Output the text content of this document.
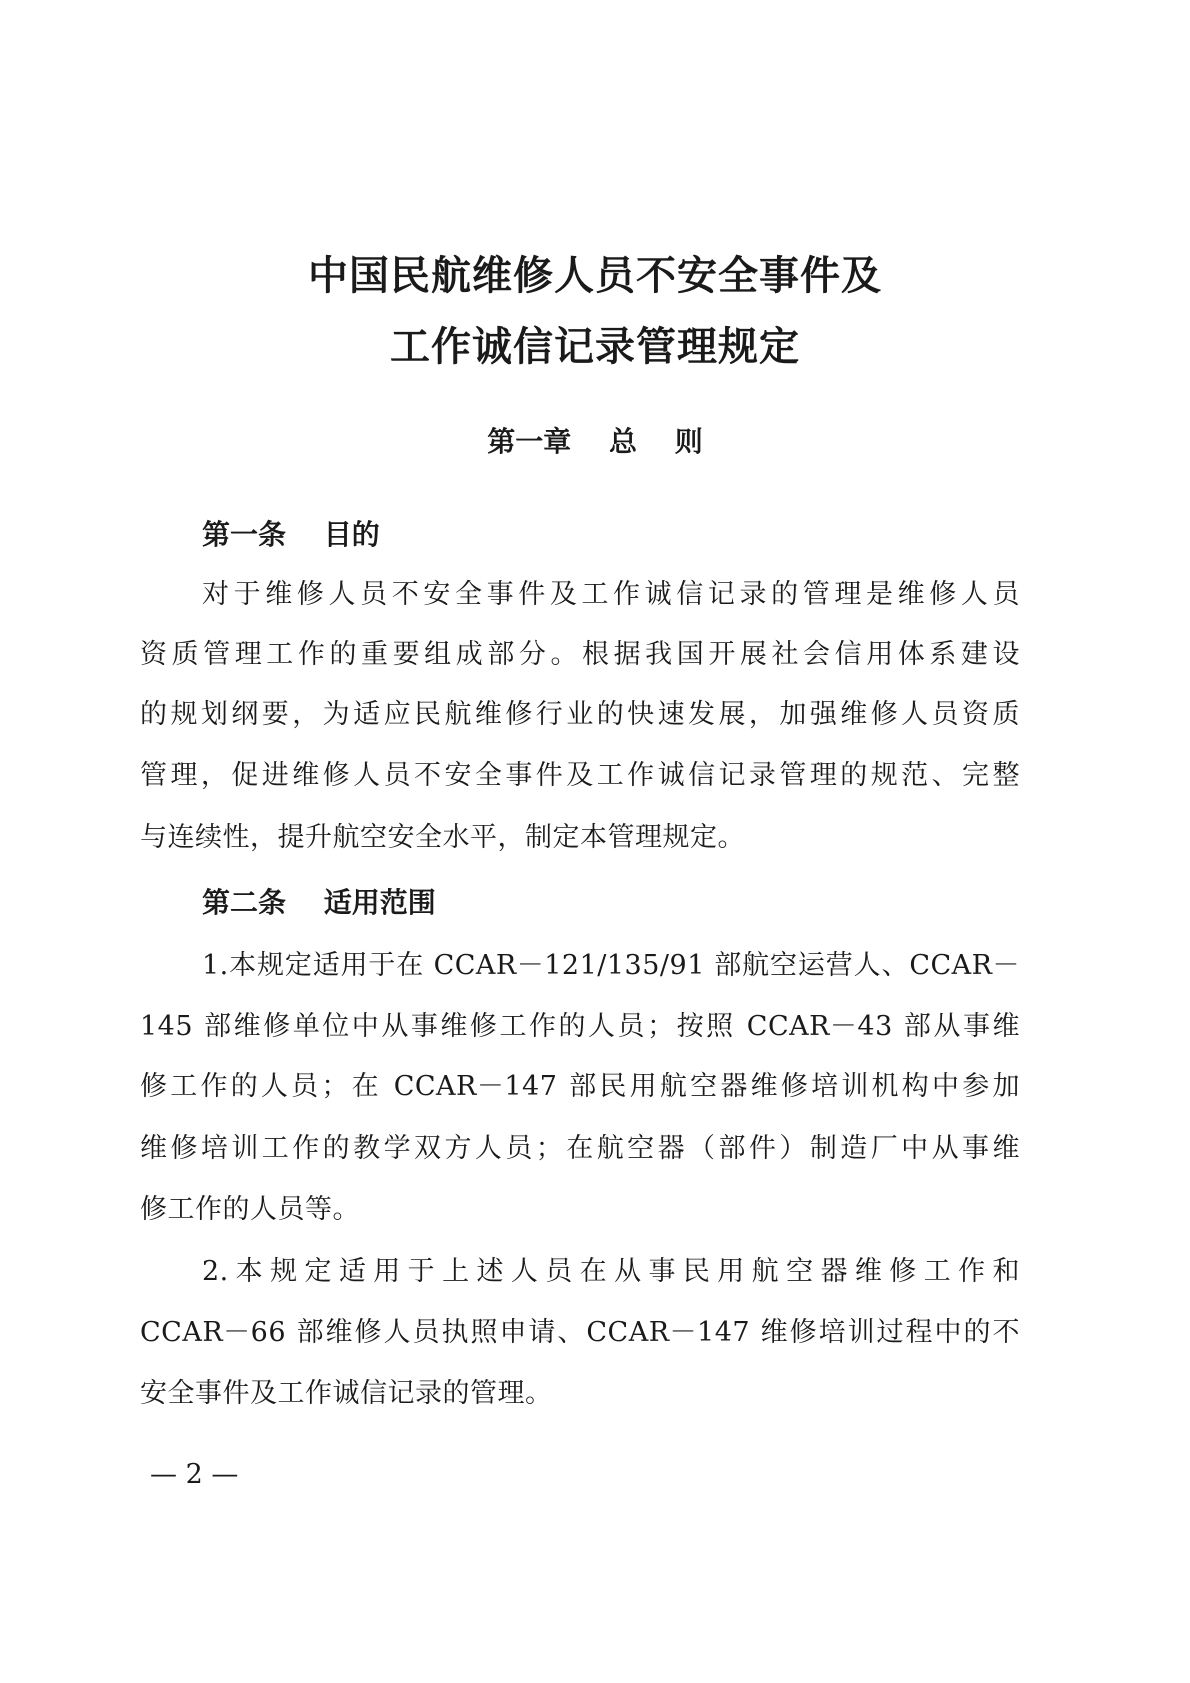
中国民航维修人员不安全事件及
工作诚信记录管理规定
第一章　 总　 则
第一条　 目的
对于维修人员不安全事件及工作诚信记录的管理是维修人员
资质管理工作的重要组成部分。根据我国开展社会信用体系建设
的规划纲要，为适应民航维修行业的快速发展，加强维修人员资质
管理，促进维修人员不安全事件及工作诚信记录管理的规范、完整
与连续性，提升航空安全水平，制定本管理规定。
第二条　 适用范围
1.本规定适用于在 CCAR－121/135/91 部航空运营人、CCAR－
145 部维修单位中从事维修工作的人员；按照 CCAR－43 部从事维
修工作的人员；在 CCAR－147 部民用航空器维修培训机构中参加
维修培训工作的教学双方人员；在航空器（部件）制造厂中从事维
修工作的人员等。
2.本规定适用于上述人员在从事民用航空器维修工作和
CCAR－66 部维修人员执照申请、CCAR－147 维修培训过程中的不
安全事件及工作诚信记录的管理。
— 2 —
